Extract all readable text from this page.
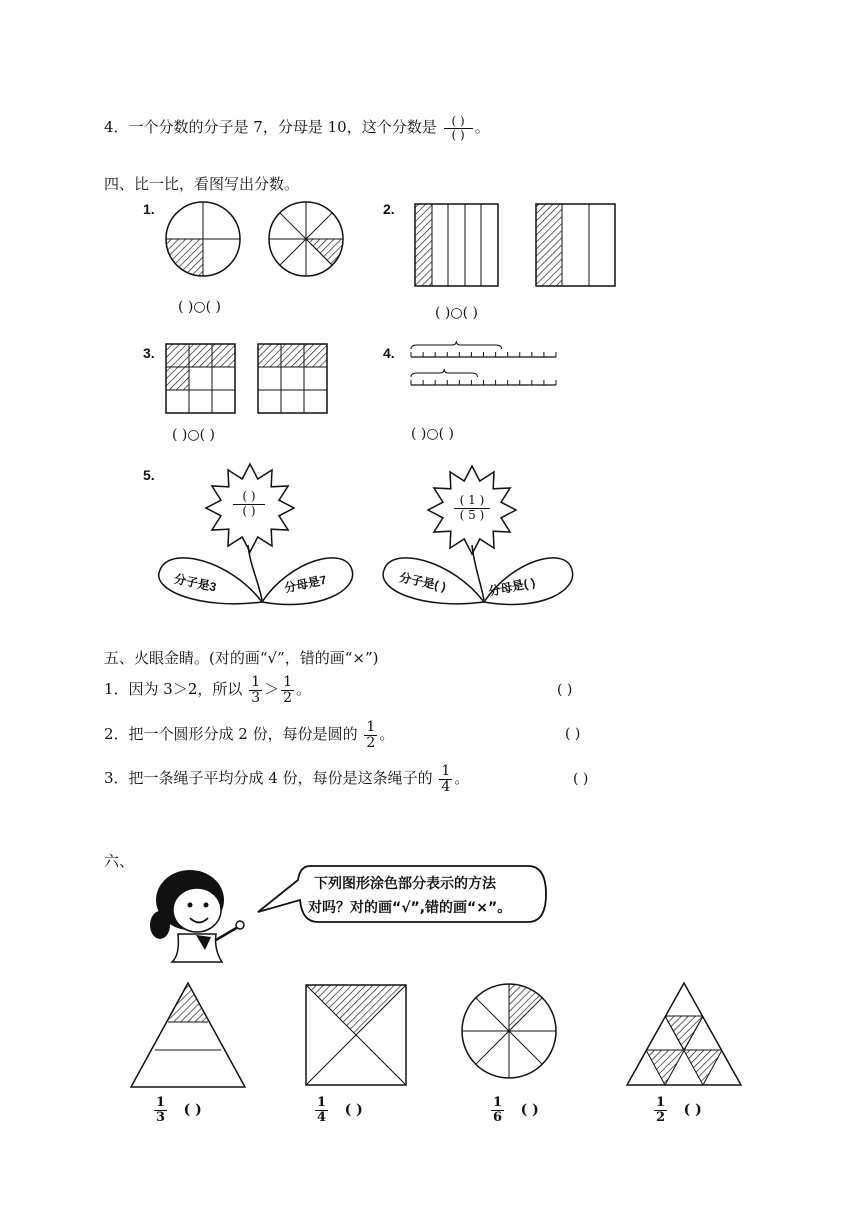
4．一个分数的分子是 7，分母是 10，这个分数是 $\frac{( )}{( )}$ 。
四、比一比，看图写出分数。
1.
( )○( )
2.
( )○( )
3.
( )○( )
4.
( )○( )
5.
( )
( )	$\frac{( 1 )}{( 5 )}$
分子是3	分母是7	分子是( )	分母是( )
五、火眼金睛。(对的画“√”，错的画“×”)
1．因为 3＞2，所以 $\frac{1}{3} > \frac{1}{2}$ 。	( )
2．把一个圆形分成 2 份，每份是圆的 $\frac{1}{2}$ 。	( )
3．把一条绳子平均分成 4 份，每份是这条绳子的 $\frac{1}{4}$ 。	( )
六、
下列图形涂色部分表示的方法
对吗？对的画“√”,错的画“×”。
$\frac{1}{3}$ ( )	$\frac{1}{4}$ ( )	$\frac{1}{6}$ ( )	$\frac{1}{2}$ ( )
